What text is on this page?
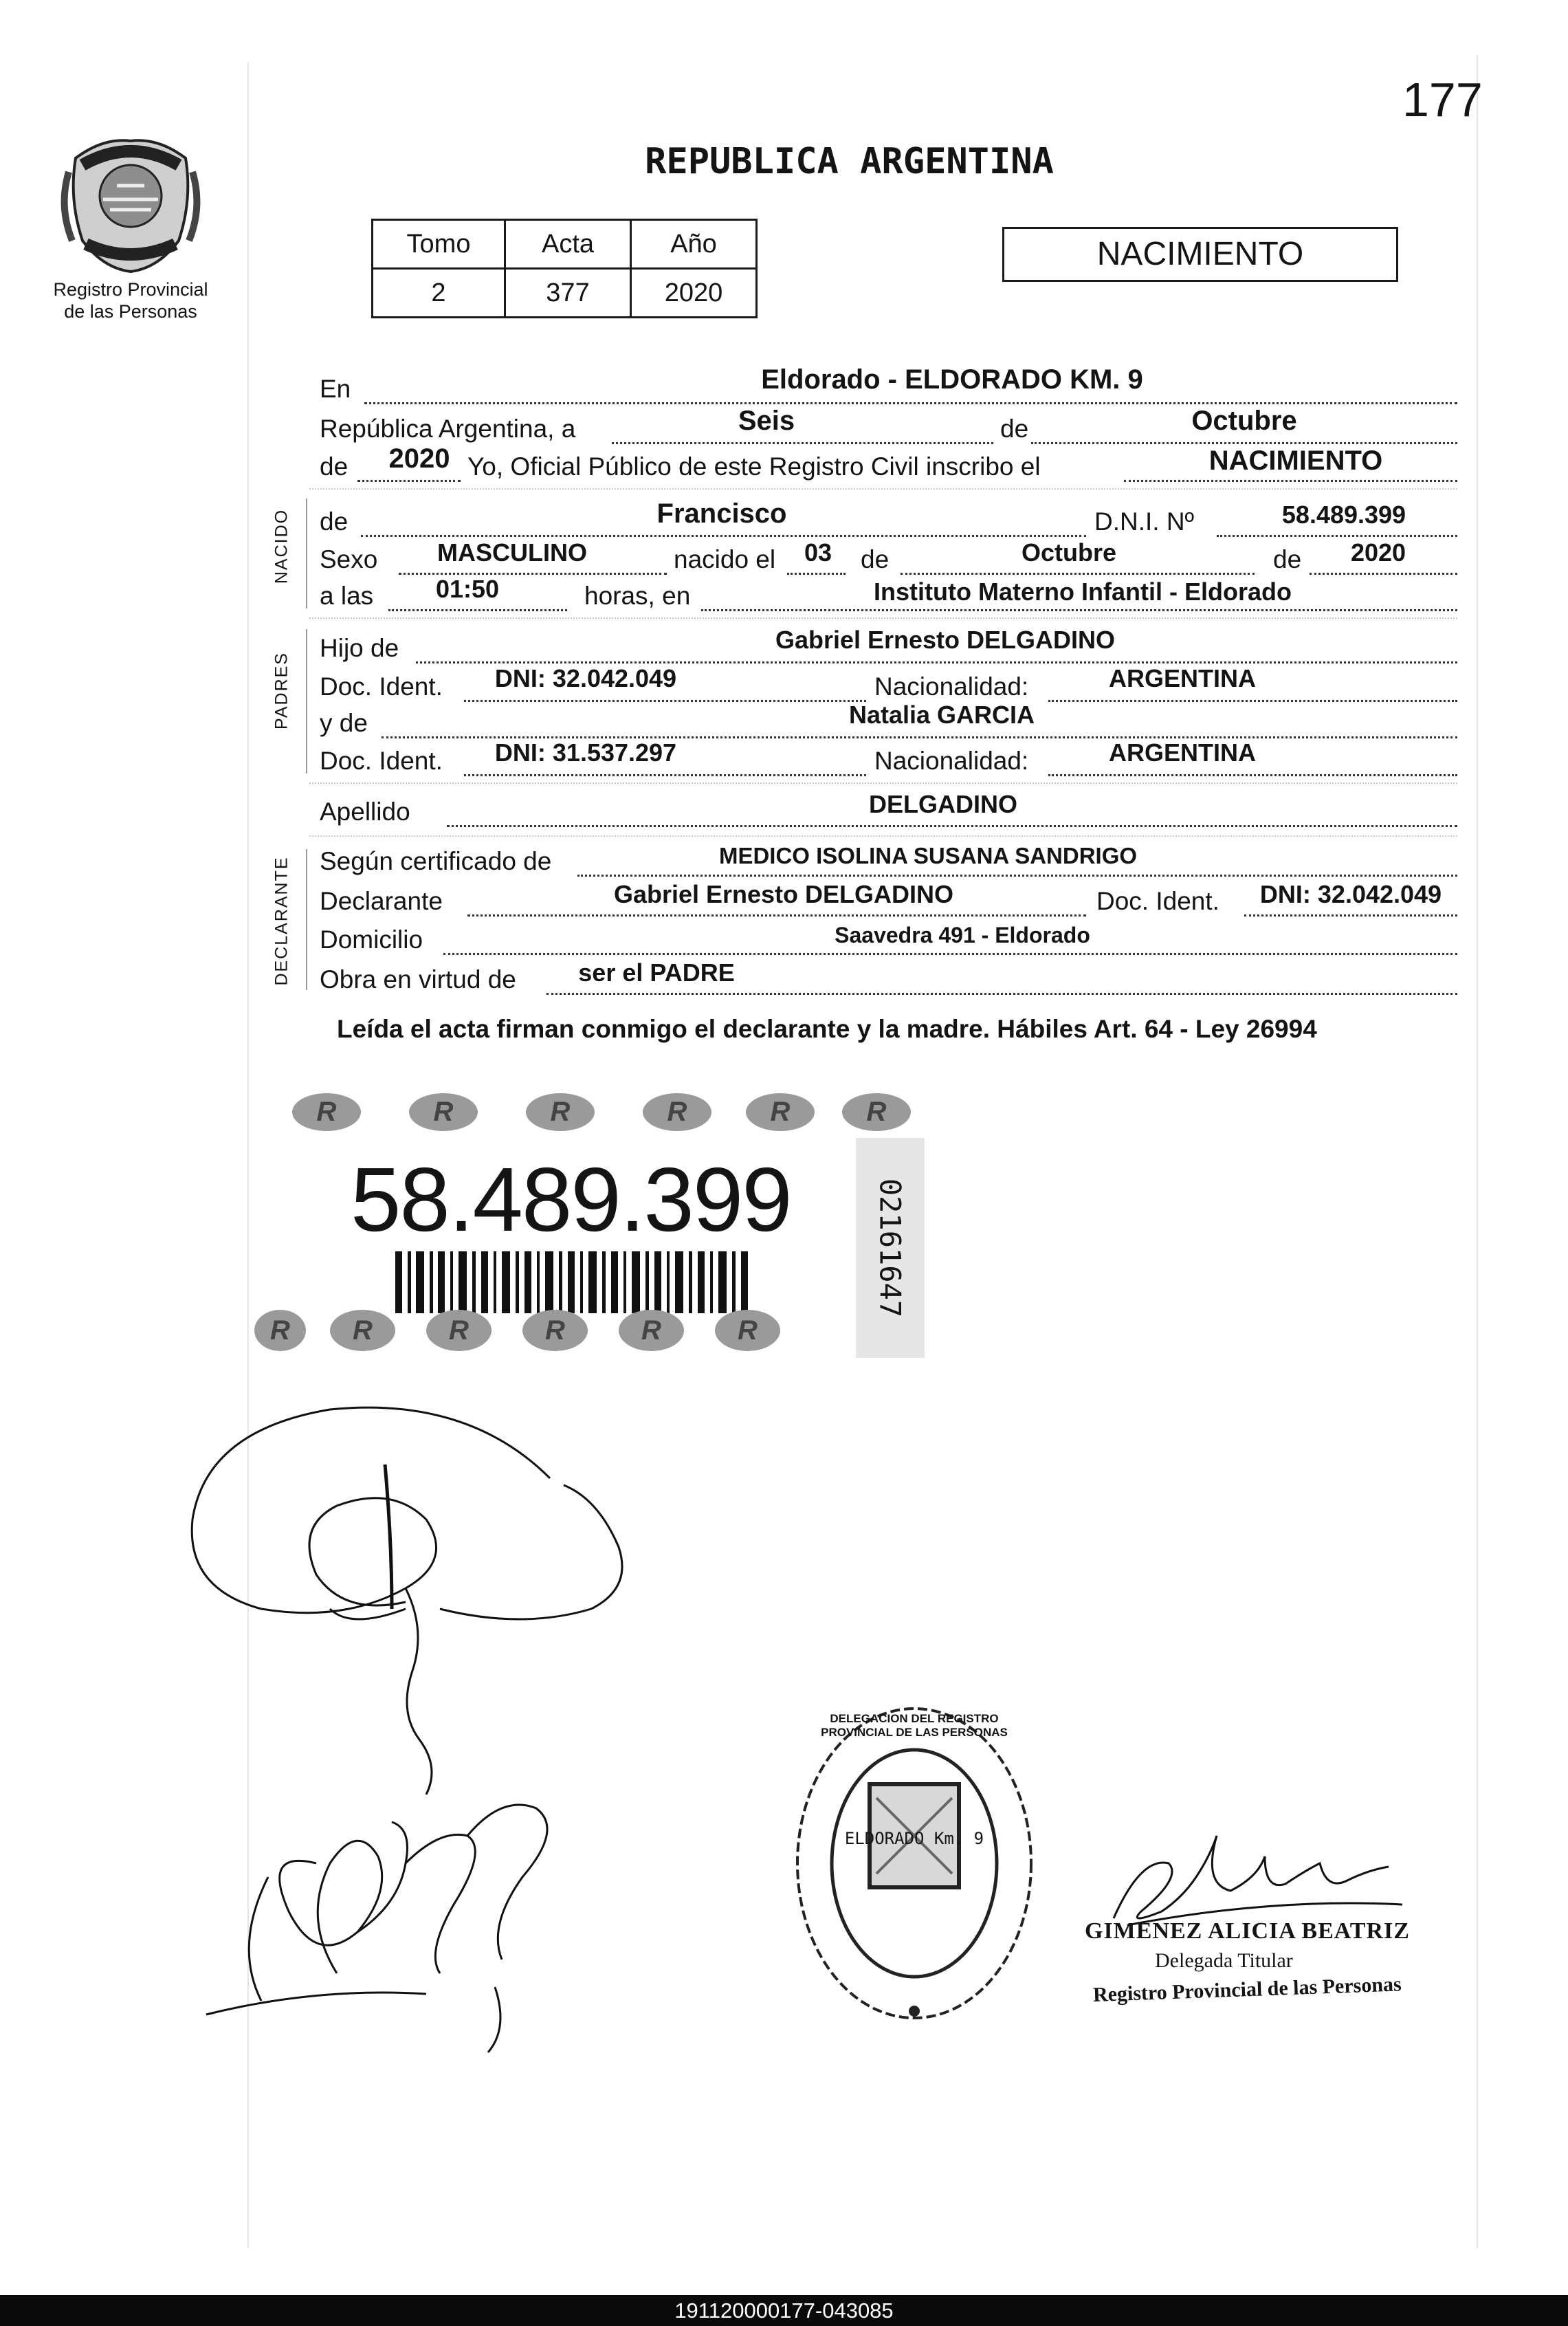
177
Registro Provincial
de las Personas
REPUBLICA ARGENTINA
Tomo	Acta	Año
2	377	2020
NACIMIENTO
En	Eldorado - ELDORADO KM. 9
República Argentina, a	Seis	de	Octubre
de 2020 Yo, Oficial Público de este Registro Civil inscribo el	NACIMIENTO
NACIDO de	Francisco	D.N.I. Nº	58.489.399
Sexo MASCULINO	nacido el 03 de	Octubre	de 2020
a las	01:50	horas, en	Instituto Materno Infantil - Eldorado
PADRES
Hijo de	Gabriel Ernesto DELGADINO
Doc. Ident. DNI: 32.042.049	Nacionalidad:	ARGENTINA
y de	Natalia GARCIA
Doc. Ident. DNI: 31.537.297	Nacionalidad:	ARGENTINA
Apellido	DELGADINO
DECLARANTE Según certificado de	MEDICO ISOLINA SUSANA SANDRIGO
Declarante	Gabriel Ernesto DELGADINO	Doc. Ident. DNI: 32.042.049
Domicilio	Saavedra 491 - Eldorado
Obra en virtud de	ser el PADRE
Leída el acta firman conmigo el declarante y la madre. Hábiles Art. 64 - Ley 26994
R	R	R	R	R	R
58.489.399
R	R	R	R	R	R
02161647
ELDORADO Km. 9
DELEGACION DEL REGISTRO PROVINCIAL DE LAS PERSONAS
GIMENEZ ALICIA BEATRIZ
Delegada Titular
Registro Provincial de las Personas
191120000177-043085
